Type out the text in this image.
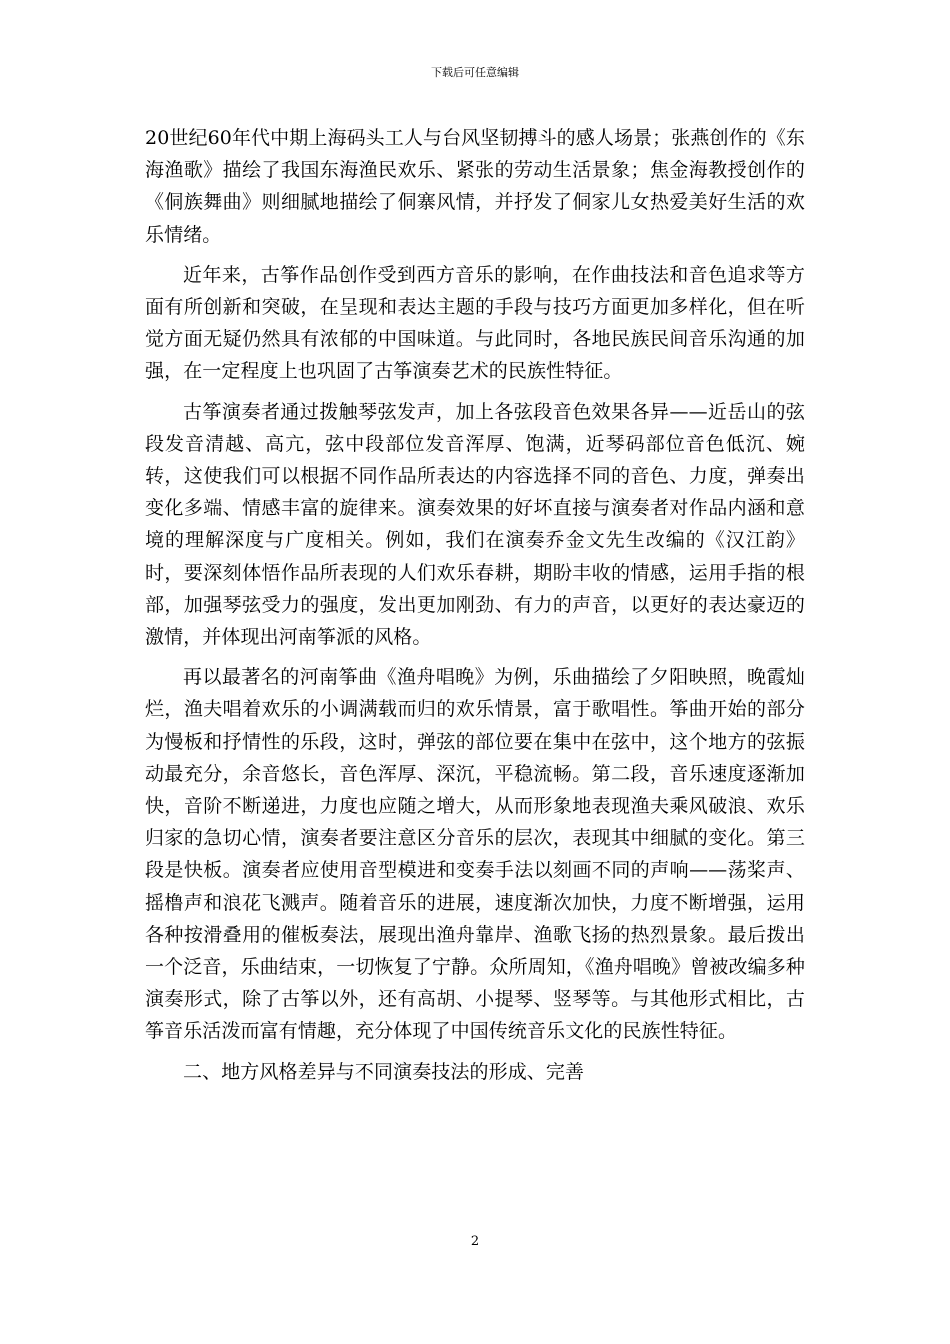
下载后可任意编辑

20世纪60年代中期上海码头工人与台风坚韧搏斗的感人场景；张燕创作的《东海渔歌》描绘了我国东海渔民欢乐、紧张的劳动生活景象；焦金海教授创作的《侗族舞曲》则细腻地描绘了侗寨风情，并抒发了侗家儿女热爱美好生活的欢乐情绪。

近年来，古筝作品创作受到西方音乐的影响，在作曲技法和音色追求等方面有所创新和突破，在呈现和表达主题的手段与技巧方面更加多样化，但在听觉方面无疑仍然具有浓郁的中国味道。与此同时，各地民族民间音乐沟通的加强，在一定程度上也巩固了古筝演奏艺术的民族性特征。

古筝演奏者通过拨触琴弦发声，加上各弦段音色效果各异——近岳山的弦段发音清越、高亢，弦中段部位发音浑厚、饱满，近琴码部位音色低沉、婉转，这使我们可以根据不同作品所表达的内容选择不同的音色、力度，弹奏出变化多端、情感丰富的旋律来。演奏效果的好坏直接与演奏者对作品内涵和意境的理解深度与广度相关。例如，我们在演奏乔金文先生改编的《汉江韵》时，要深刻体悟作品所表现的人们欢乐春耕，期盼丰收的情感，运用手指的根部，加强琴弦受力的强度，发出更加刚劲、有力的声音，以更好的表达豪迈的激情，并体现出河南筝派的风格。

再以最著名的河南筝曲《渔舟唱晚》为例，乐曲描绘了夕阳映照，晚霞灿烂，渔夫唱着欢乐的小调满载而归的欢乐情景，富于歌唱性。筝曲开始的部分为慢板和抒情性的乐段，这时，弹弦的部位要在集中在弦中，这个地方的弦振动最充分，余音悠长，音色浑厚、深沉，平稳流畅。第二段，音乐速度逐渐加快，音阶不断递进，力度也应随之增大，从而形象地表现渔夫乘风破浪、欢乐归家的急切心情，演奏者要注意区分音乐的层次，表现其中细腻的变化。第三段是快板。演奏者应使用音型模进和变奏手法以刻画不同的声响——荡桨声、摇橹声和浪花飞溅声。随着音乐的进展，速度渐次加快，力度不断增强，运用各种按滑叠用的催板奏法，展现出渔舟靠岸、渔歌飞扬的热烈景象。最后拨出一个泛音，乐曲结束，一切恢复了宁静。众所周知，《渔舟唱晚》曾被改编多种演奏形式，除了古筝以外，还有高胡、小提琴、竖琴等。与其他形式相比，古筝音乐活泼而富有情趣，充分体现了中国传统音乐文化的民族性特征。

二、地方风格差异与不同演奏技法的形成、完善

2
